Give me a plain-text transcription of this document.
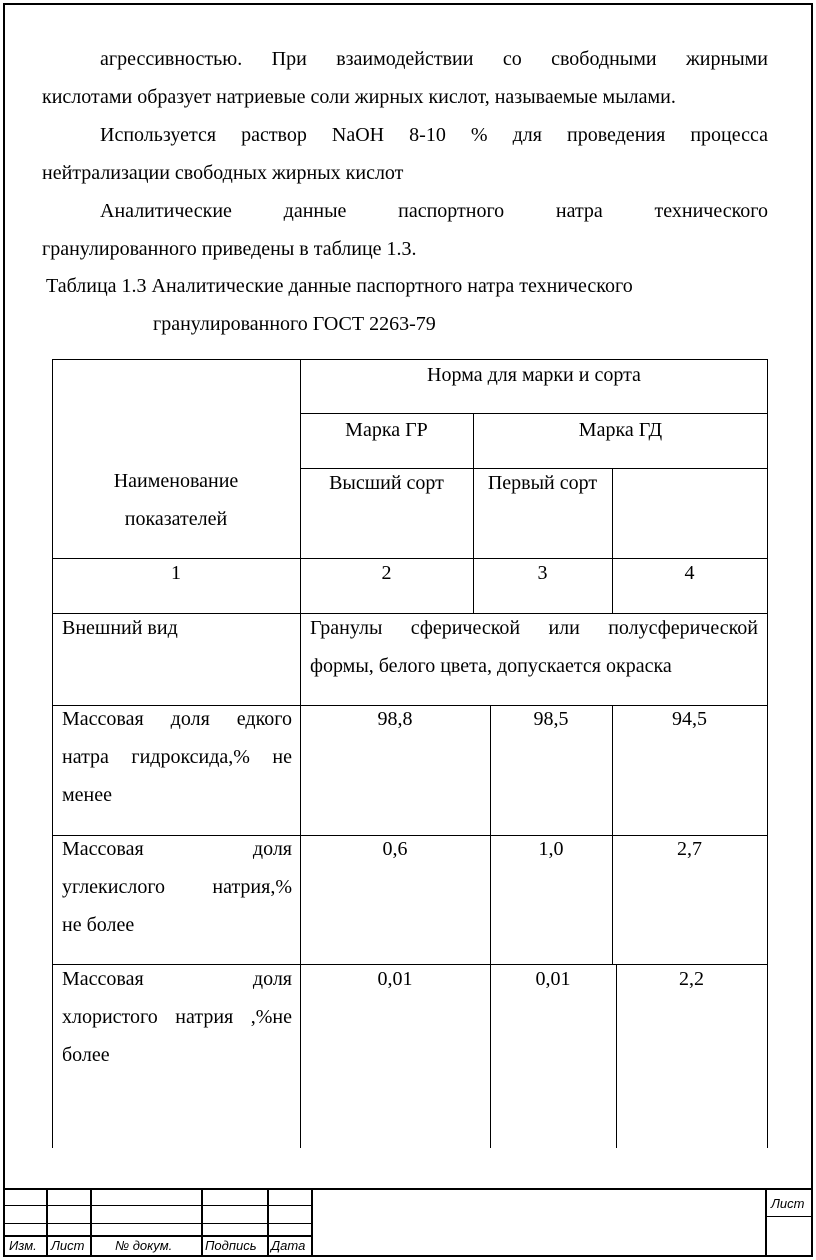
агрессивностью. При взаимодействии со свободными жирными
кислотами образует натриевые соли жирных кислот, называемые мылами.
Используется раствор NaOH 8-10 % для проведения процесса
нейтрализации свободных жирных кислот
Аналитические данные паспортного натра технического
гранулированного приведены в таблице 1.3.
Таблица 1.3 Аналитические данные паспортного натра технического
гранулированного ГОСТ 2263-79
Наименование
показателей
Норма для марки и сорта
Марка ГР	Марка ГД
Высший сорт	Первый сорт
1	2	3	4
Внешний вид	Гранулы сферической или полусферической
формы, белого цвета, допускается окраска
Массовая доля едкого
натра гидроксида,% не
менее
98,8	98,5	94,5
Массовая доля
углекислого натрия,%
не более
0,6	1,0	2,7
Массовая доля
хлористого натрия ,%не
более
0,01	0,01	2,2
Изм. Лист № докум.	Подпись Дата
Лист
